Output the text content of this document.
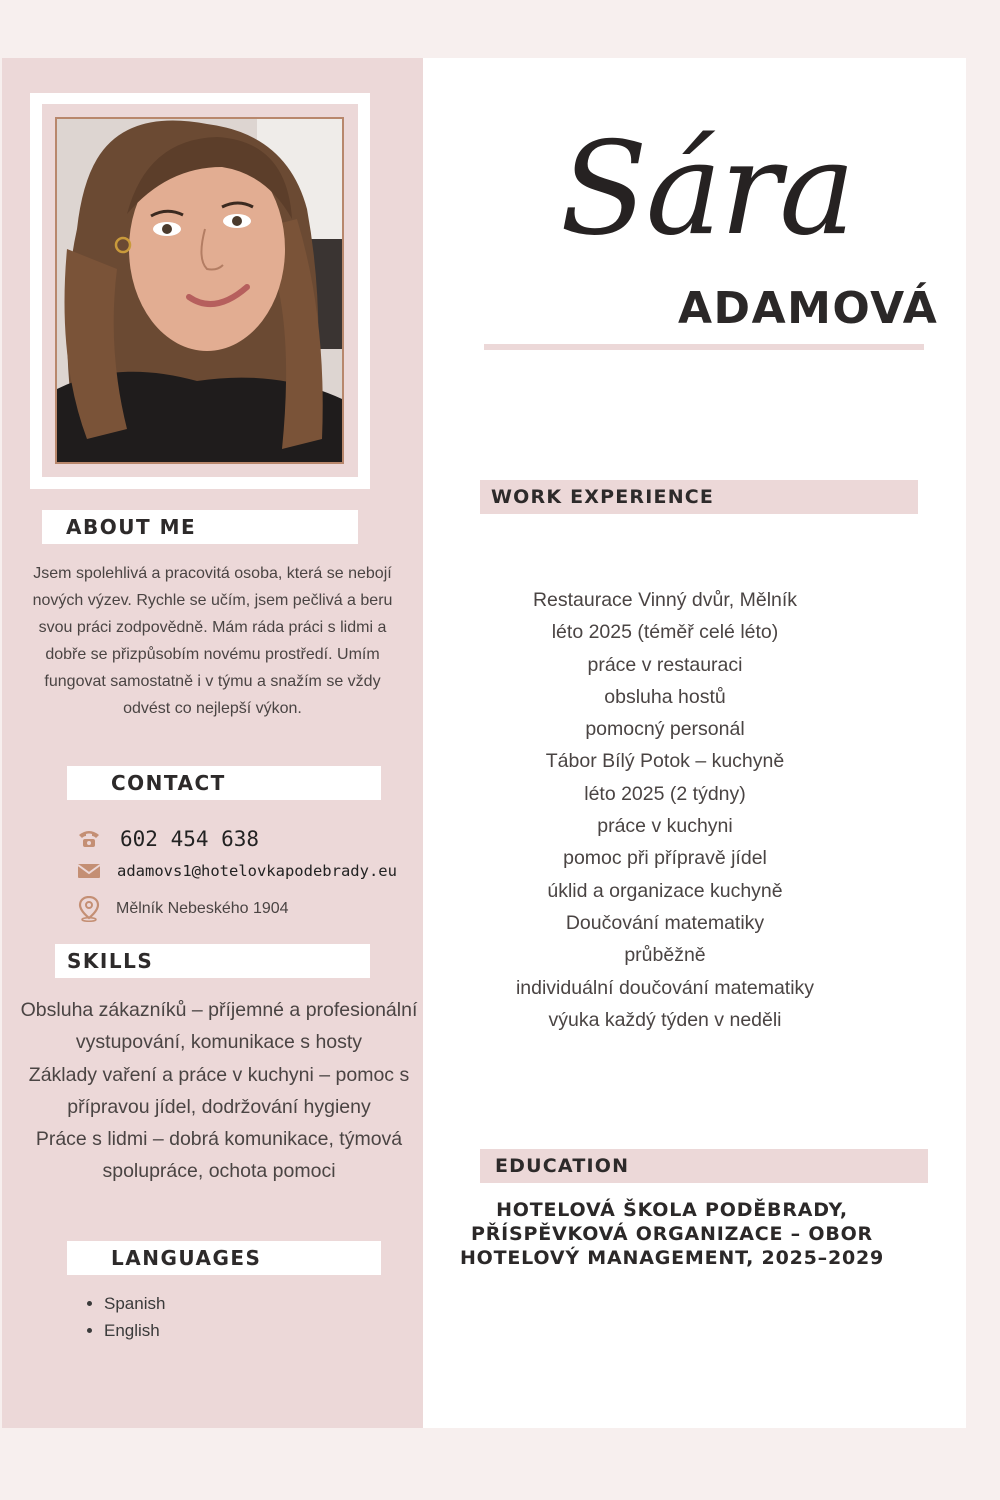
ABOUT ME
Jsem spolehlivá a pracovitá osoba, která se nebojí nových výzev. Rychle se učím, jsem pečlivá a beru svou práci zodpovědně. Mám ráda práci s lidmi a dobře se přizpůsobím novému prostředí. Umím fungovat samostatně i v týmu a snažím se vždy odvést co nejlepší výkon.
CONTACT
602 454 638
adamovs1@hotelovkapodebrady.eu
Mělník Nebeského 1904
SKILLS
Obsluha zákazníků – příjemné a profesionální vystupování, komunikace s hosty
Základy vaření a práce v kuchyni – pomoc s přípravou jídel, dodržování hygieny
Práce s lidmi – dobrá komunikace, týmová spolupráce, ochota pomoci
LANGUAGES
• Spanish
• English
Sára
ADAMOVÁ
WORK EXPERIENCE
Restaurace Vinný dvůr, Mělník
léto 2025 (téměř celé léto)
práce v restauraci
obsluha hostů
pomocný personál
Tábor Bílý Potok – kuchyně
léto 2025 (2 týdny)
práce v kuchyni
pomoc při přípravě jídel
úklid a organizace kuchyně
Doučování matematiky
průběžně
individuální doučování matematiky
výuka každý týden v neděli
EDUCATION
HOTELOVÁ ŠKOLA PODĚBRADY,
PŘÍSPĚVKOVÁ ORGANIZACE – OBOR
HOTELOVÝ MANAGEMENT, 2025–2029
